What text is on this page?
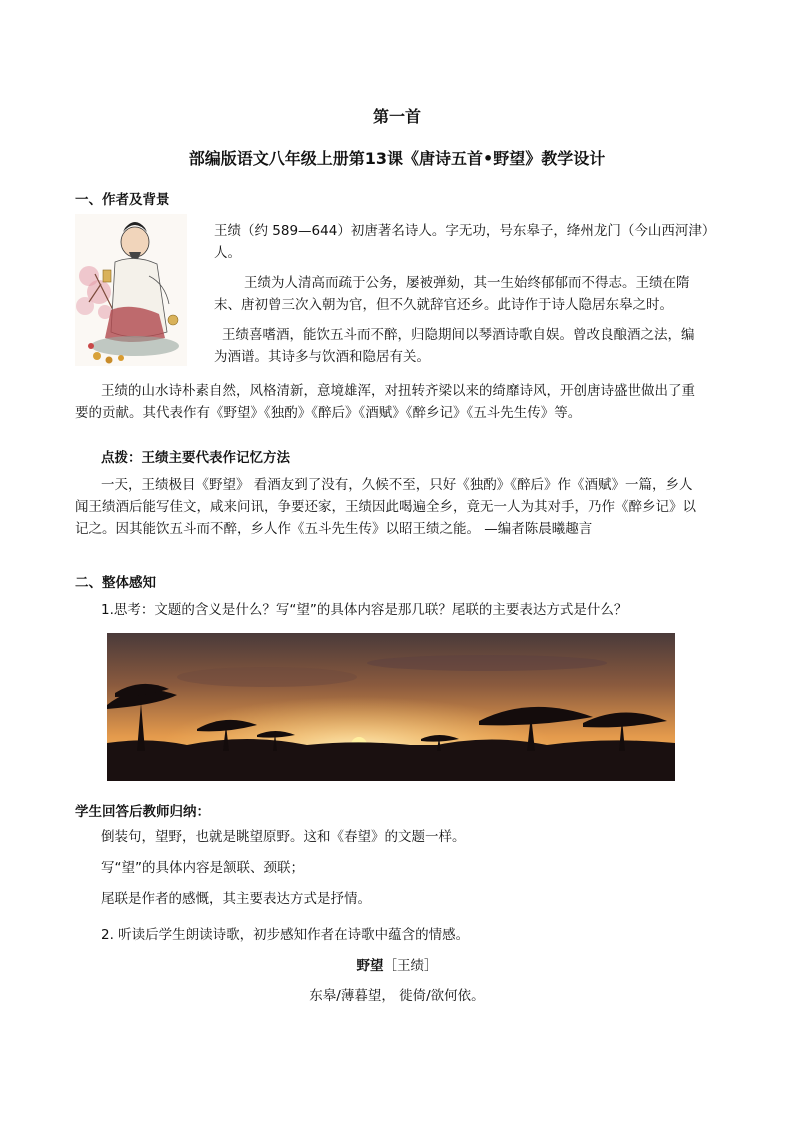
第一首
部编版语文八年级上册第13课《唐诗五首•野望》教学设计
一、作者及背景
王绩（约 589—644）初唐著名诗人。字无功，号东皋子，绛州龙门（今山西河津）
人。
王绩为人清高而疏于公务，屡被弹劾，其一生始终郁郁而不得志。王绩在隋
末、唐初曾三次入朝为官，但不久就辞官还乡。此诗作于诗人隐居东皋之时。
王绩喜嗜酒，能饮五斗而不醉，归隐期间以琴酒诗歌自娱。曾改良酿酒之法，编
为酒谱。其诗多与饮酒和隐居有关。
王绩的山水诗朴素自然，风格清新，意境雄浑，对扭转齐梁以来的绮靡诗风，开创唐诗盛世做出了重
要的贡献。其代表作有《野望》《独酌》《醉后》《酒赋》《醉乡记》《五斗先生传》等。
点拨：王绩主要代表作记忆方法
一天，王绩极目《野望》 看酒友到了没有，久候不至，只好《独酌》《醉后》作《酒赋》一篇，乡人
闻王绩酒后能写佳文，咸来问讯，争要还家，王绩因此喝遍全乡，竟无一人为其对手，乃作《醉乡记》以
记之。因其能饮五斗而不醉，乡人作《五斗先生传》以昭王绩之能。 —编者陈晨曦趣言
二、整体感知
1.思考：文题的含义是什么？写“望”的具体内容是那几联？尾联的主要表达方式是什么？
学生回答后教师归纳：
倒装句，望野，也就是眺望原野。这和《春望》的文题一样。
写“望”的具体内容是颔联、颈联；
尾联是作者的感慨，其主要表达方式是抒情。
2. 听读后学生朗读诗歌，初步感知作者在诗歌中蕴含的情感。
野望［王绩］
东皋/薄暮望， 徙倚/欲何依。
